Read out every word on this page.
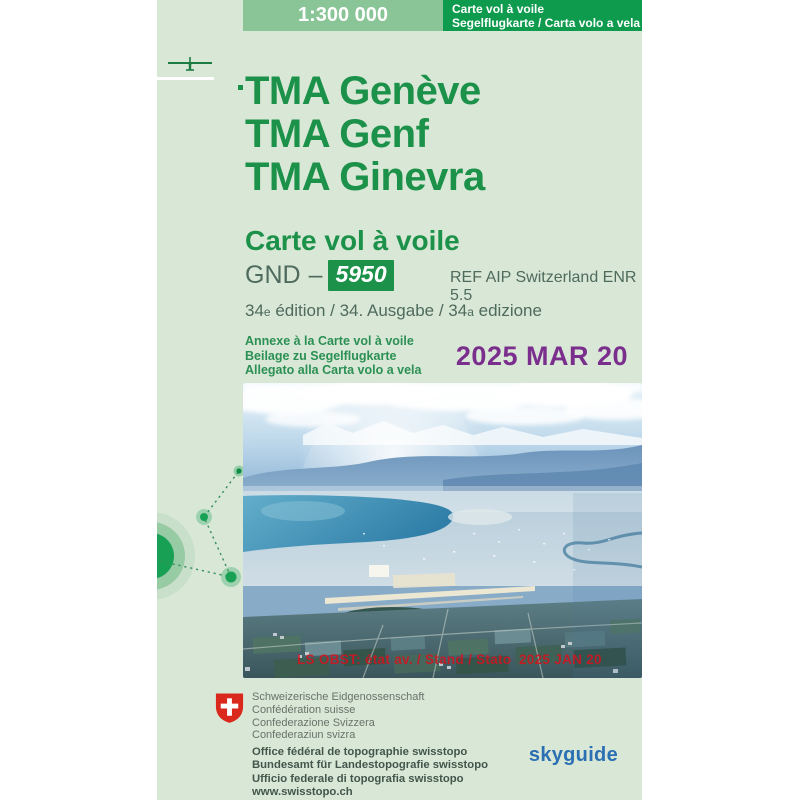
1:300 000	Carte vol à voile
Segelflugkarte / Carta volo a vela
TMA Genève
TMA Genf
TMA Ginevra
Carte vol à voile
GND – 5950	REF AIP Switzerland ENR 5.5
34e édition / 34. Ausgabe / 34a edizione
Annexe à la Carte vol à voile
Beilage zu Segelflugkarte
Allegato alla Carta volo a vela 2025 MAR 20
LS OBST: état av. / Stand / Stato 2025 JAN 20
Schweizerische Eidgenossenschaft
Confédération suisse
Confederazione Svizzera
Confederaziun svizra
Office fédéral de topographie swisstopo
Bundesamt für Landestopografie swisstopo
Ufficio federale di topografia swisstopo
www.swisstopo.ch
skyguide
